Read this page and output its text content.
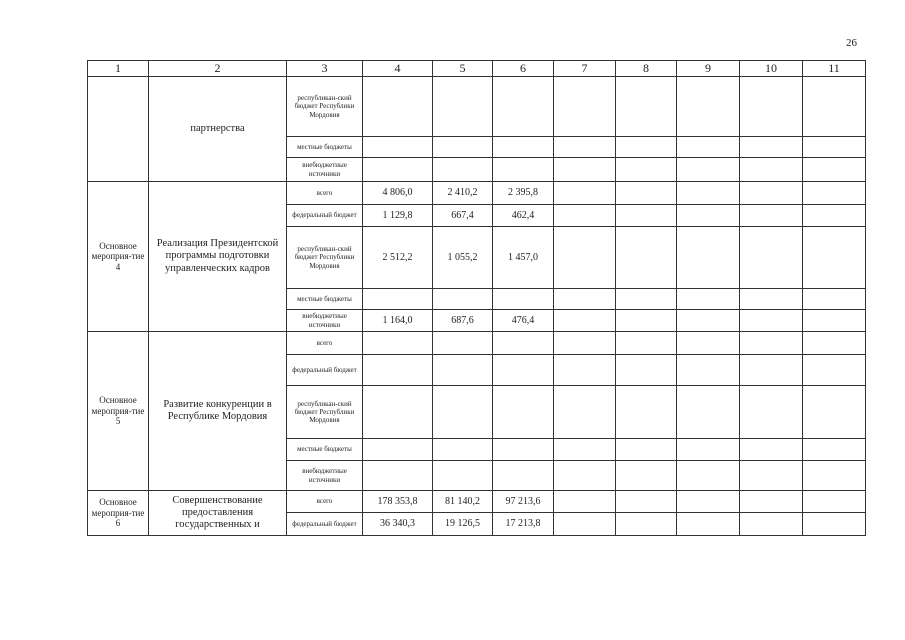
26
1	2	3	4	5	6	7	8	9	10	11
	партнерства	республикан-ский бюджет Республики Мордовия								
		местные бюджеты								
		внебюджетные источники								
Основное мероприя-тие 4	Реализация Президентской программы подготовки управленческих кадров	всего	4 806,0	2 410,2	2 395,8					
		федеральный бюджет	1 129,8	667,4	462,4					
		республикан-ский бюджет Республики Мордовия	2 512,2	1 055,2	1 457,0					
		местные бюджеты								
		внебюджетные источники	1 164,0	687,6	476,4					
Основное мероприя-тие 5	Развитие конкуренции в Республике Мордовия	всего								
		федеральный бюджет								
		республикан-ский бюджет Республики Мордовия								
		местные бюджеты								
		внебюджетные источники								
Основное мероприя-тие 6	Совершенствование предоставления государственных и	всего	178 353,8	81 140,2	97 213,6					
		федеральный бюджет	36 340,3	19 126,5	17 213,8					
